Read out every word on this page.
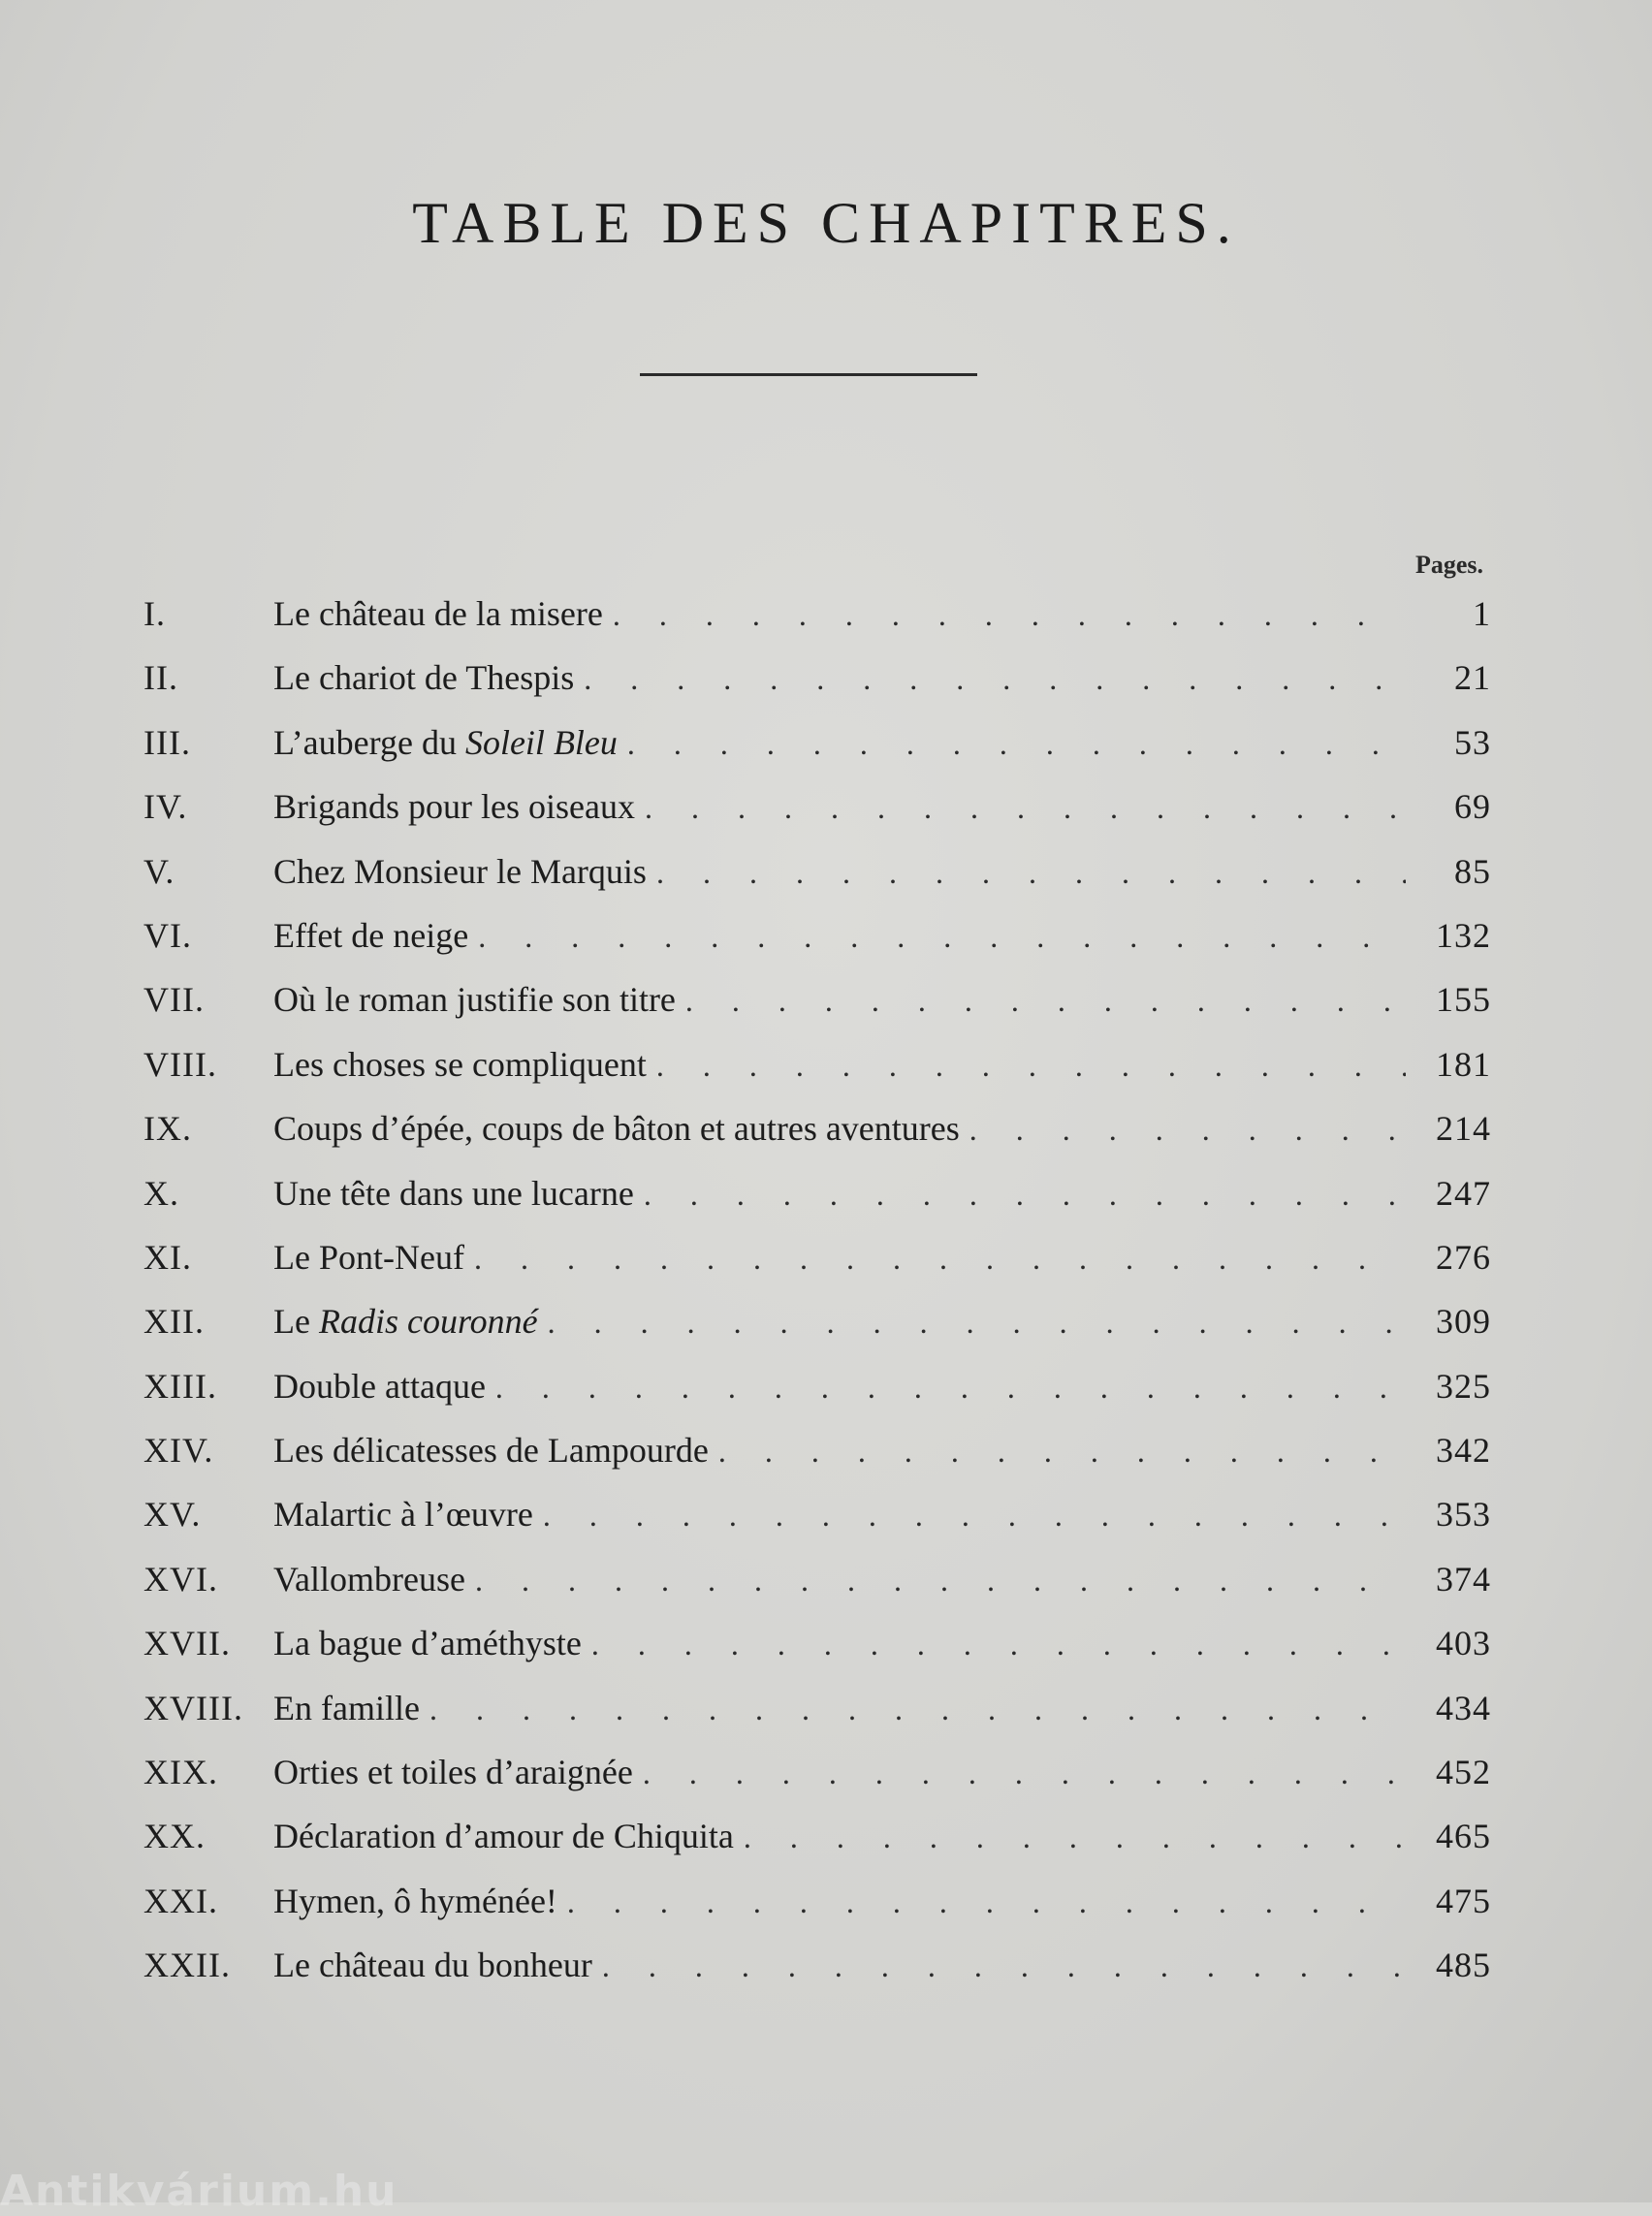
TABLE DES CHAPITRES.
Pages.
I.	Le château de la misere . . .	1
II.	Le chariot de Thespis . . .	21
III.	L’auberge du Soleil Bleu . . .	53
IV.	Brigands pour les oiseaux . . .	69
V.	Chez Monsieur le Marquis . . .	85
VI.	Effet de neige . . .	132
VII.	Où le roman justifie son titre . . .	155
VIII.	Les choses se compliquent . . .	181
IX.	Coups d’épée, coups de bâton et autres aventures . . .	214
X.	Une tête dans une lucarne . . .	247
XI.	Le Pont-Neuf . . .	276
XII.	Le Radis couronné . . .	309
XIII.	Double attaque . . .	325
XIV.	Les délicatesses de Lampourde . . .	342
XV.	Malartic à l’œuvre . . .	353
XVI.	Vallombreuse . . .	374
XVII.	La bague d’améthyste . . .	403
XVIII. En famille . . .	434
XIX.	Orties et toiles d’araignée . . .	452
XX.	Déclaration d’amour de Chiquita . . .	465
XXI.	Hymen, ô hyménée! . . .	475
XXII.	Le château du bonheur . . .	485
Antikvárium.hu
